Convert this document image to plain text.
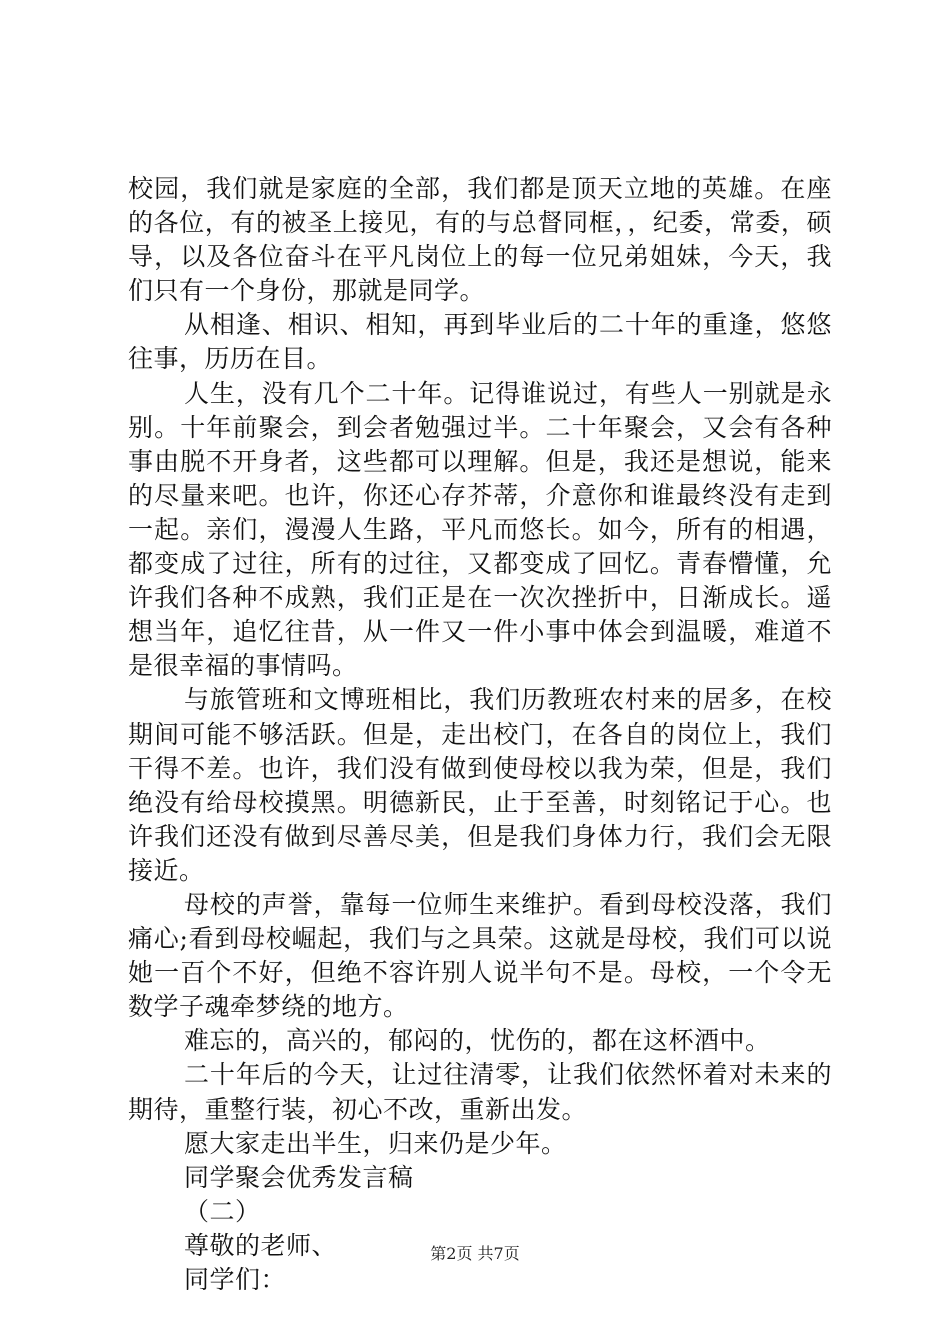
校园，我们就是家庭的全部，我们都是顶天立地的英雄。在座的各位，有的被圣上接见，有的与总督同框，，纪委，常委，硕导，以及各位奋斗在平凡岗位上的每一位兄弟姐妹，今天，我们只有一个身份，那就是同学。

从相逢、相识、相知，再到毕业后的二十年的重逢，悠悠往事，历历在目。

人生，没有几个二十年。记得谁说过，有些人一别就是永别。十年前聚会，到会者勉强过半。二十年聚会，又会有各种事由脱不开身者，这些都可以理解。但是，我还是想说，能来的尽量来吧。也许，你还心存芥蒂，介意你和谁最终没有走到一起。亲们，漫漫人生路，平凡而悠长。如今，所有的相遇，都变成了过往，所有的过往，又都变成了回忆。青春懵懂，允许我们各种不成熟，我们正是在一次次挫折中，日渐成长。遥想当年，追忆往昔，从一件又一件小事中体会到温暖，难道不是很幸福的事情吗。

与旅管班和文博班相比，我们历教班农村来的居多，在校期间可能不够活跃。但是，走出校门，在各自的岗位上，我们干得不差。也许，我们没有做到使母校以我为荣，但是，我们绝没有给母校摸黑。明德新民，止于至善，时刻铭记于心。也许我们还没有做到尽善尽美，但是我们身体力行，我们会无限接近。

母校的声誉，靠每一位师生来维护。看到母校没落，我们痛心;看到母校崛起，我们与之具荣。这就是母校，我们可以说她一百个不好，但绝不容许别人说半句不是。母校，一个令无数学子魂牵梦绕的地方。

难忘的，高兴的，郁闷的，忧伤的，都在这杯酒中。

二十年后的今天，让过往清零，让我们依然怀着对未来的期待，重整行装，初心不改，重新出发。

愿大家走出半生，归来仍是少年。

同学聚会优秀发言稿

（二）

尊敬的老师、

同学们：

第2页 共7页
